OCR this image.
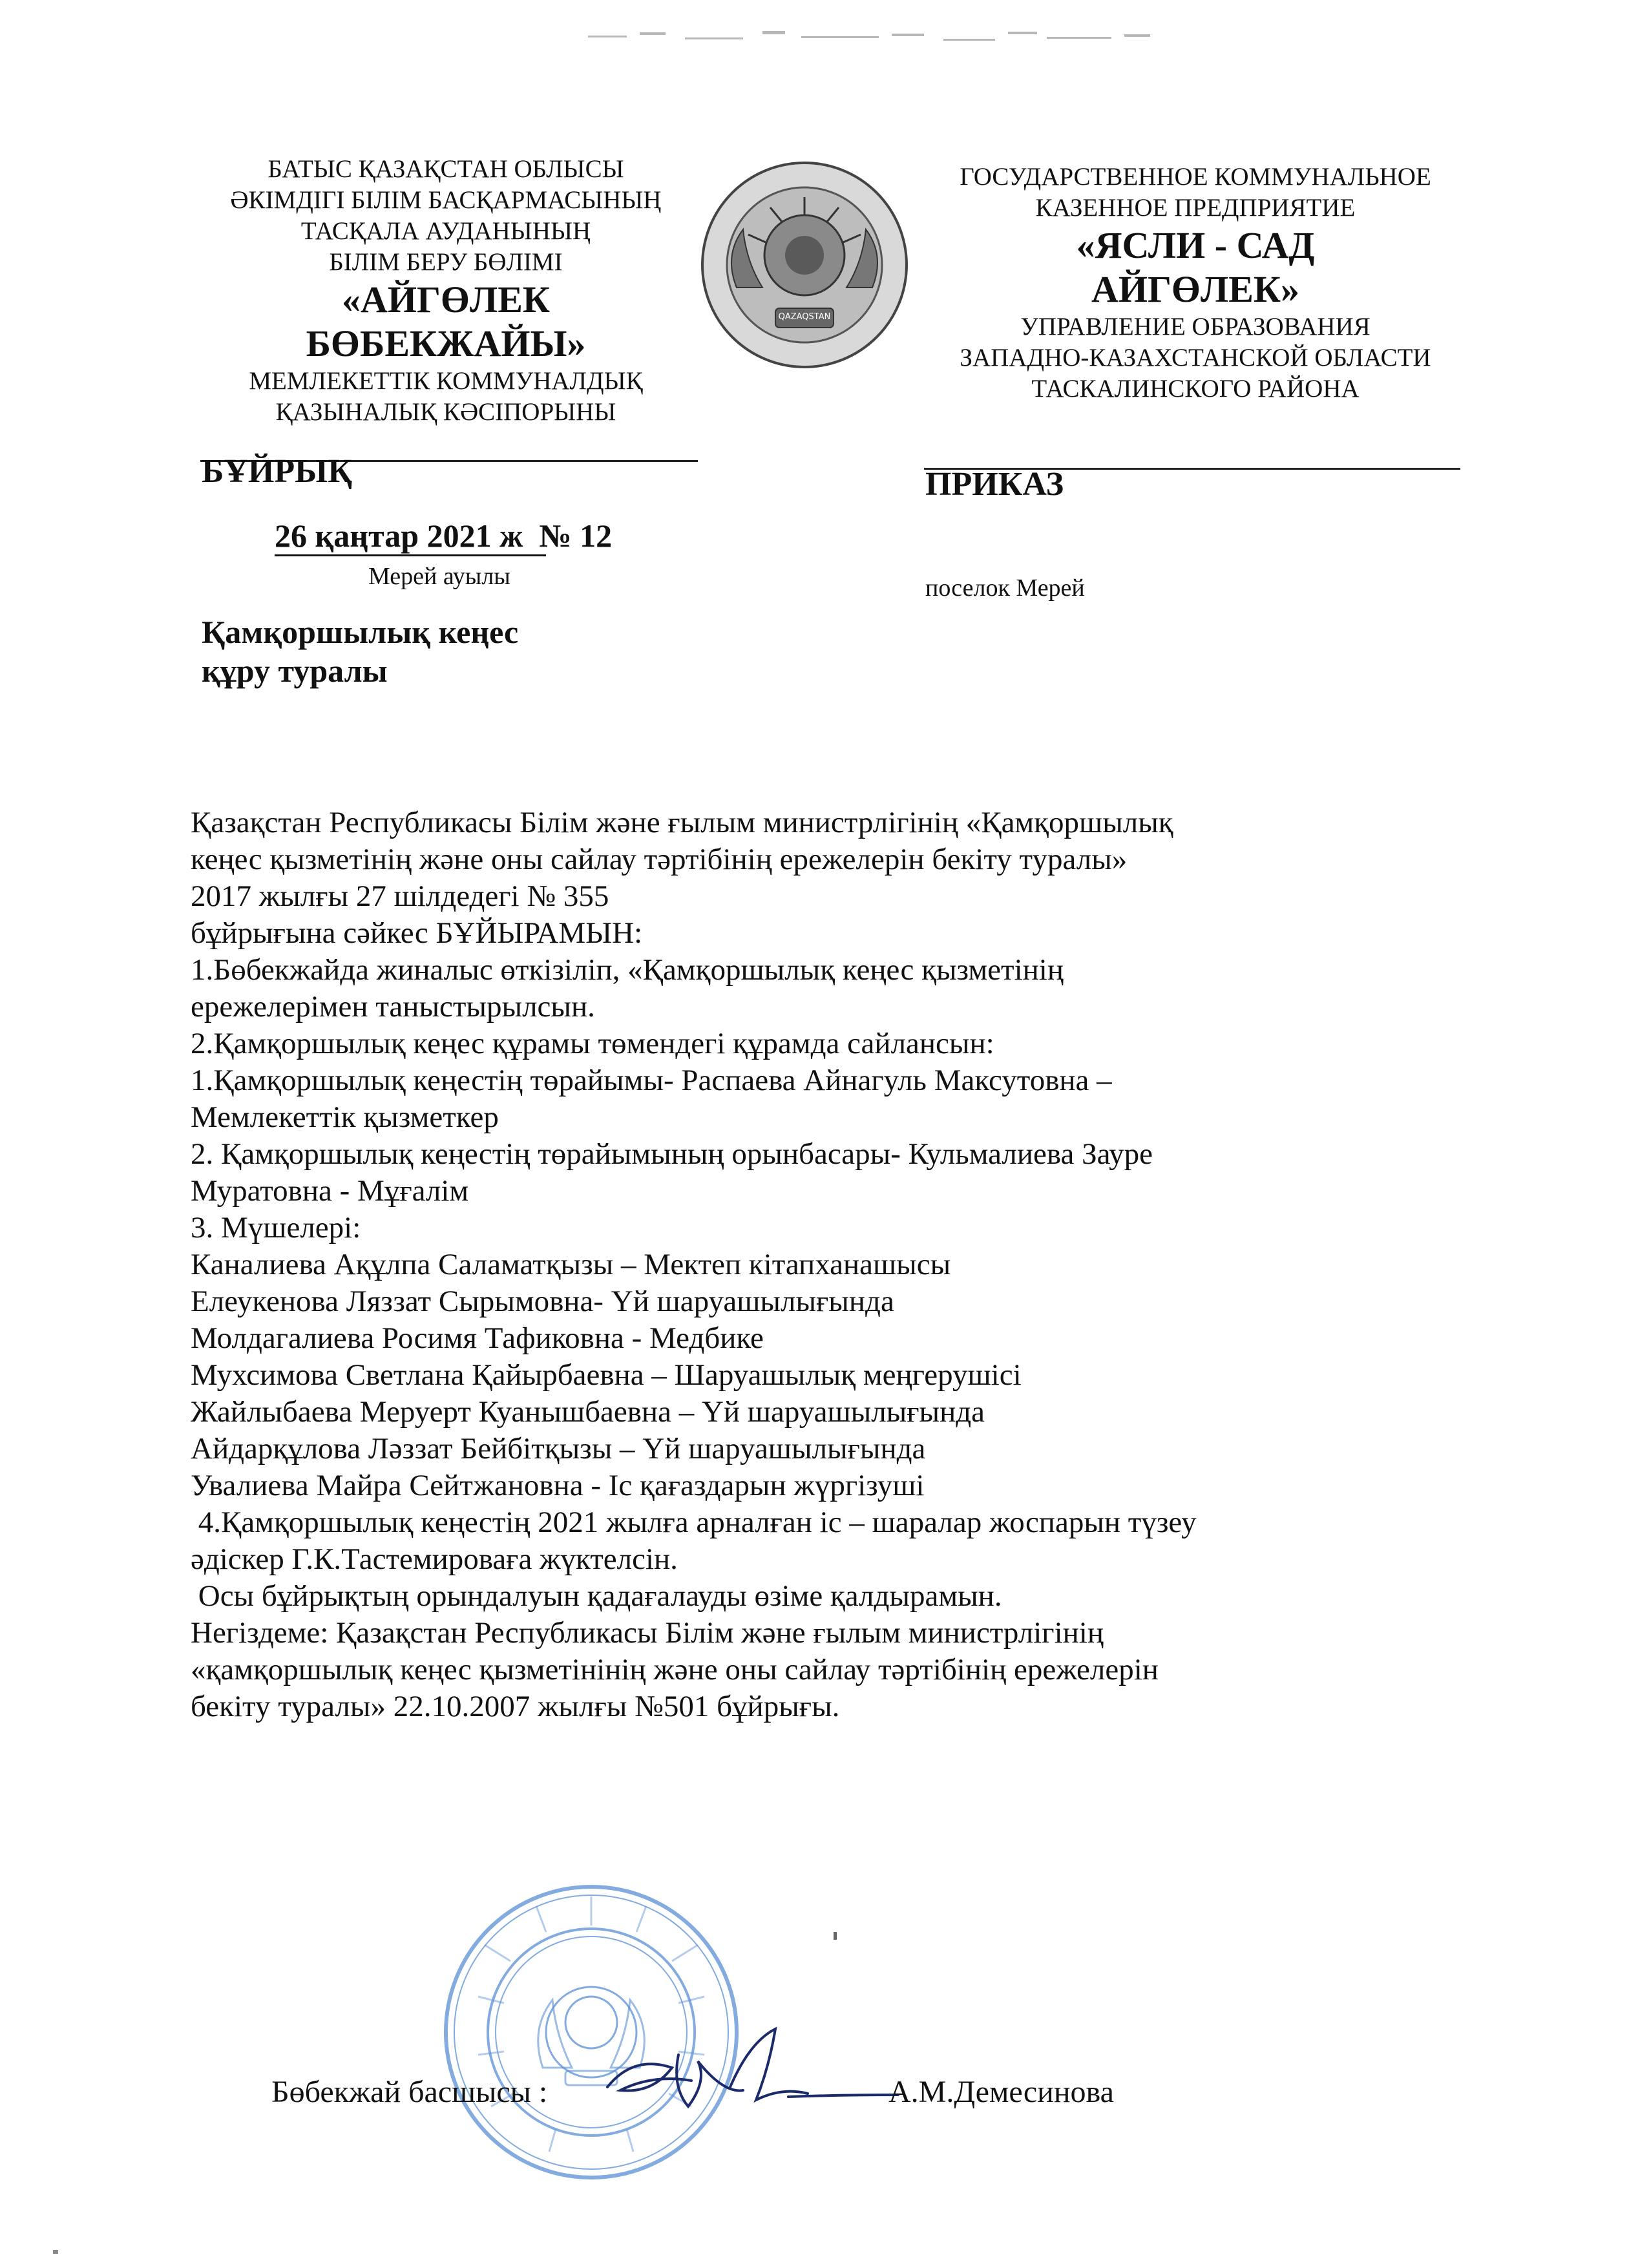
БАТЫС ҚАЗАҚСТАН ОБЛЫСЫ
ӘКІМДІГІ БІЛІМ БАСҚАРМАСЫНЫҢ
ТАСҚАЛА АУДАНЫНЫҢ
БІЛІМ БЕРУ БӨЛІМІ
«АЙГӨЛЕК
БӨБЕКЖАЙЫ»
МЕМЛЕКЕТТІК КОММУНАЛДЫҚ
ҚАЗЫНАЛЫҚ КӘСІПОРЫНЫ
QAZAQSTAN
ГОСУДАРСТВЕННОЕ КОММУНАЛЬНОЕ
КАЗЕННОЕ ПРЕДПРИЯТИЕ
«ЯСЛИ - САД
АЙГӨЛЕК»
УПРАВЛЕНИЕ ОБРАЗОВАНИЯ
ЗАПАДНО-КАЗАХСТАНСКОЙ ОБЛАСТИ
ТАСКАЛИНСКОГО РАЙОНА
БҰЙРЫҚ	ПРИКАЗ
26 қаңтар 2021 ж  № 12
Мерей ауылы	поселок Мерей
Қамқоршылық кеңес
құру туралы
Қазақстан Республикасы Білім және ғылым министрлігінің «Қамқоршылық
кеңес қызметінің және оны сайлау тәртібінің ережелерін бекіту туралы»
2017 жылғы 27 шілдедегі № 355
бұйрығына сәйкес БҰЙЫРАМЫН:
1.Бөбекжайда жиналыс өткізіліп, «Қамқоршылық кеңес қызметінің
ережелерімен таныстырылсын.
2.Қамқоршылық кеңес құрамы төмендегі құрамда сайлансын:
1.Қамқоршылық кеңестің төрайымы- Распаева Айнагуль Максутовна –
Мемлекеттік қызметкер
2. Қамқоршылық кеңестің төрайымының орынбасары- Кульмалиева Зауре
Муратовна - Мұғалім
3. Мүшелері:
Каналиева Ақұлпа Саламатқызы – Мектеп кітапханашысы
Елеукенова Ляззат Сырымовна- Үй шаруашылығында
Молдагалиева Росимя Тафиковна - Медбике
Мухсимова Светлана Қайырбаевна – Шаруашылық меңгерушісі
Жайлыбаева Меруерт Куанышбаевна – Үй шаруашылығында
Айдарқұлова Ләззат Бейбітқызы – Үй шаруашылығында
Увалиева Майра Сейтжановна - Іс қағаздарын жүргізуші
4.Қамқоршылық кеңестің 2021 жылға арналған іс – шаралар жоспарын түзеу
әдіскер Г.К.Тастемироваға жүктелсін.
Осы бұйрықтың орындалуын қадағалауды өзіме қалдырамын.
Негіздеме: Қазақстан Республикасы Білім және ғылым министрлігінің
«қамқоршылық кеңес қызметінінің және оны сайлау тәртібінің ережелерін
бекіту туралы» 22.10.2007 жылғы №501 бұйрығы.
Бөбекжай басшысы :	А.М.Демесинова
